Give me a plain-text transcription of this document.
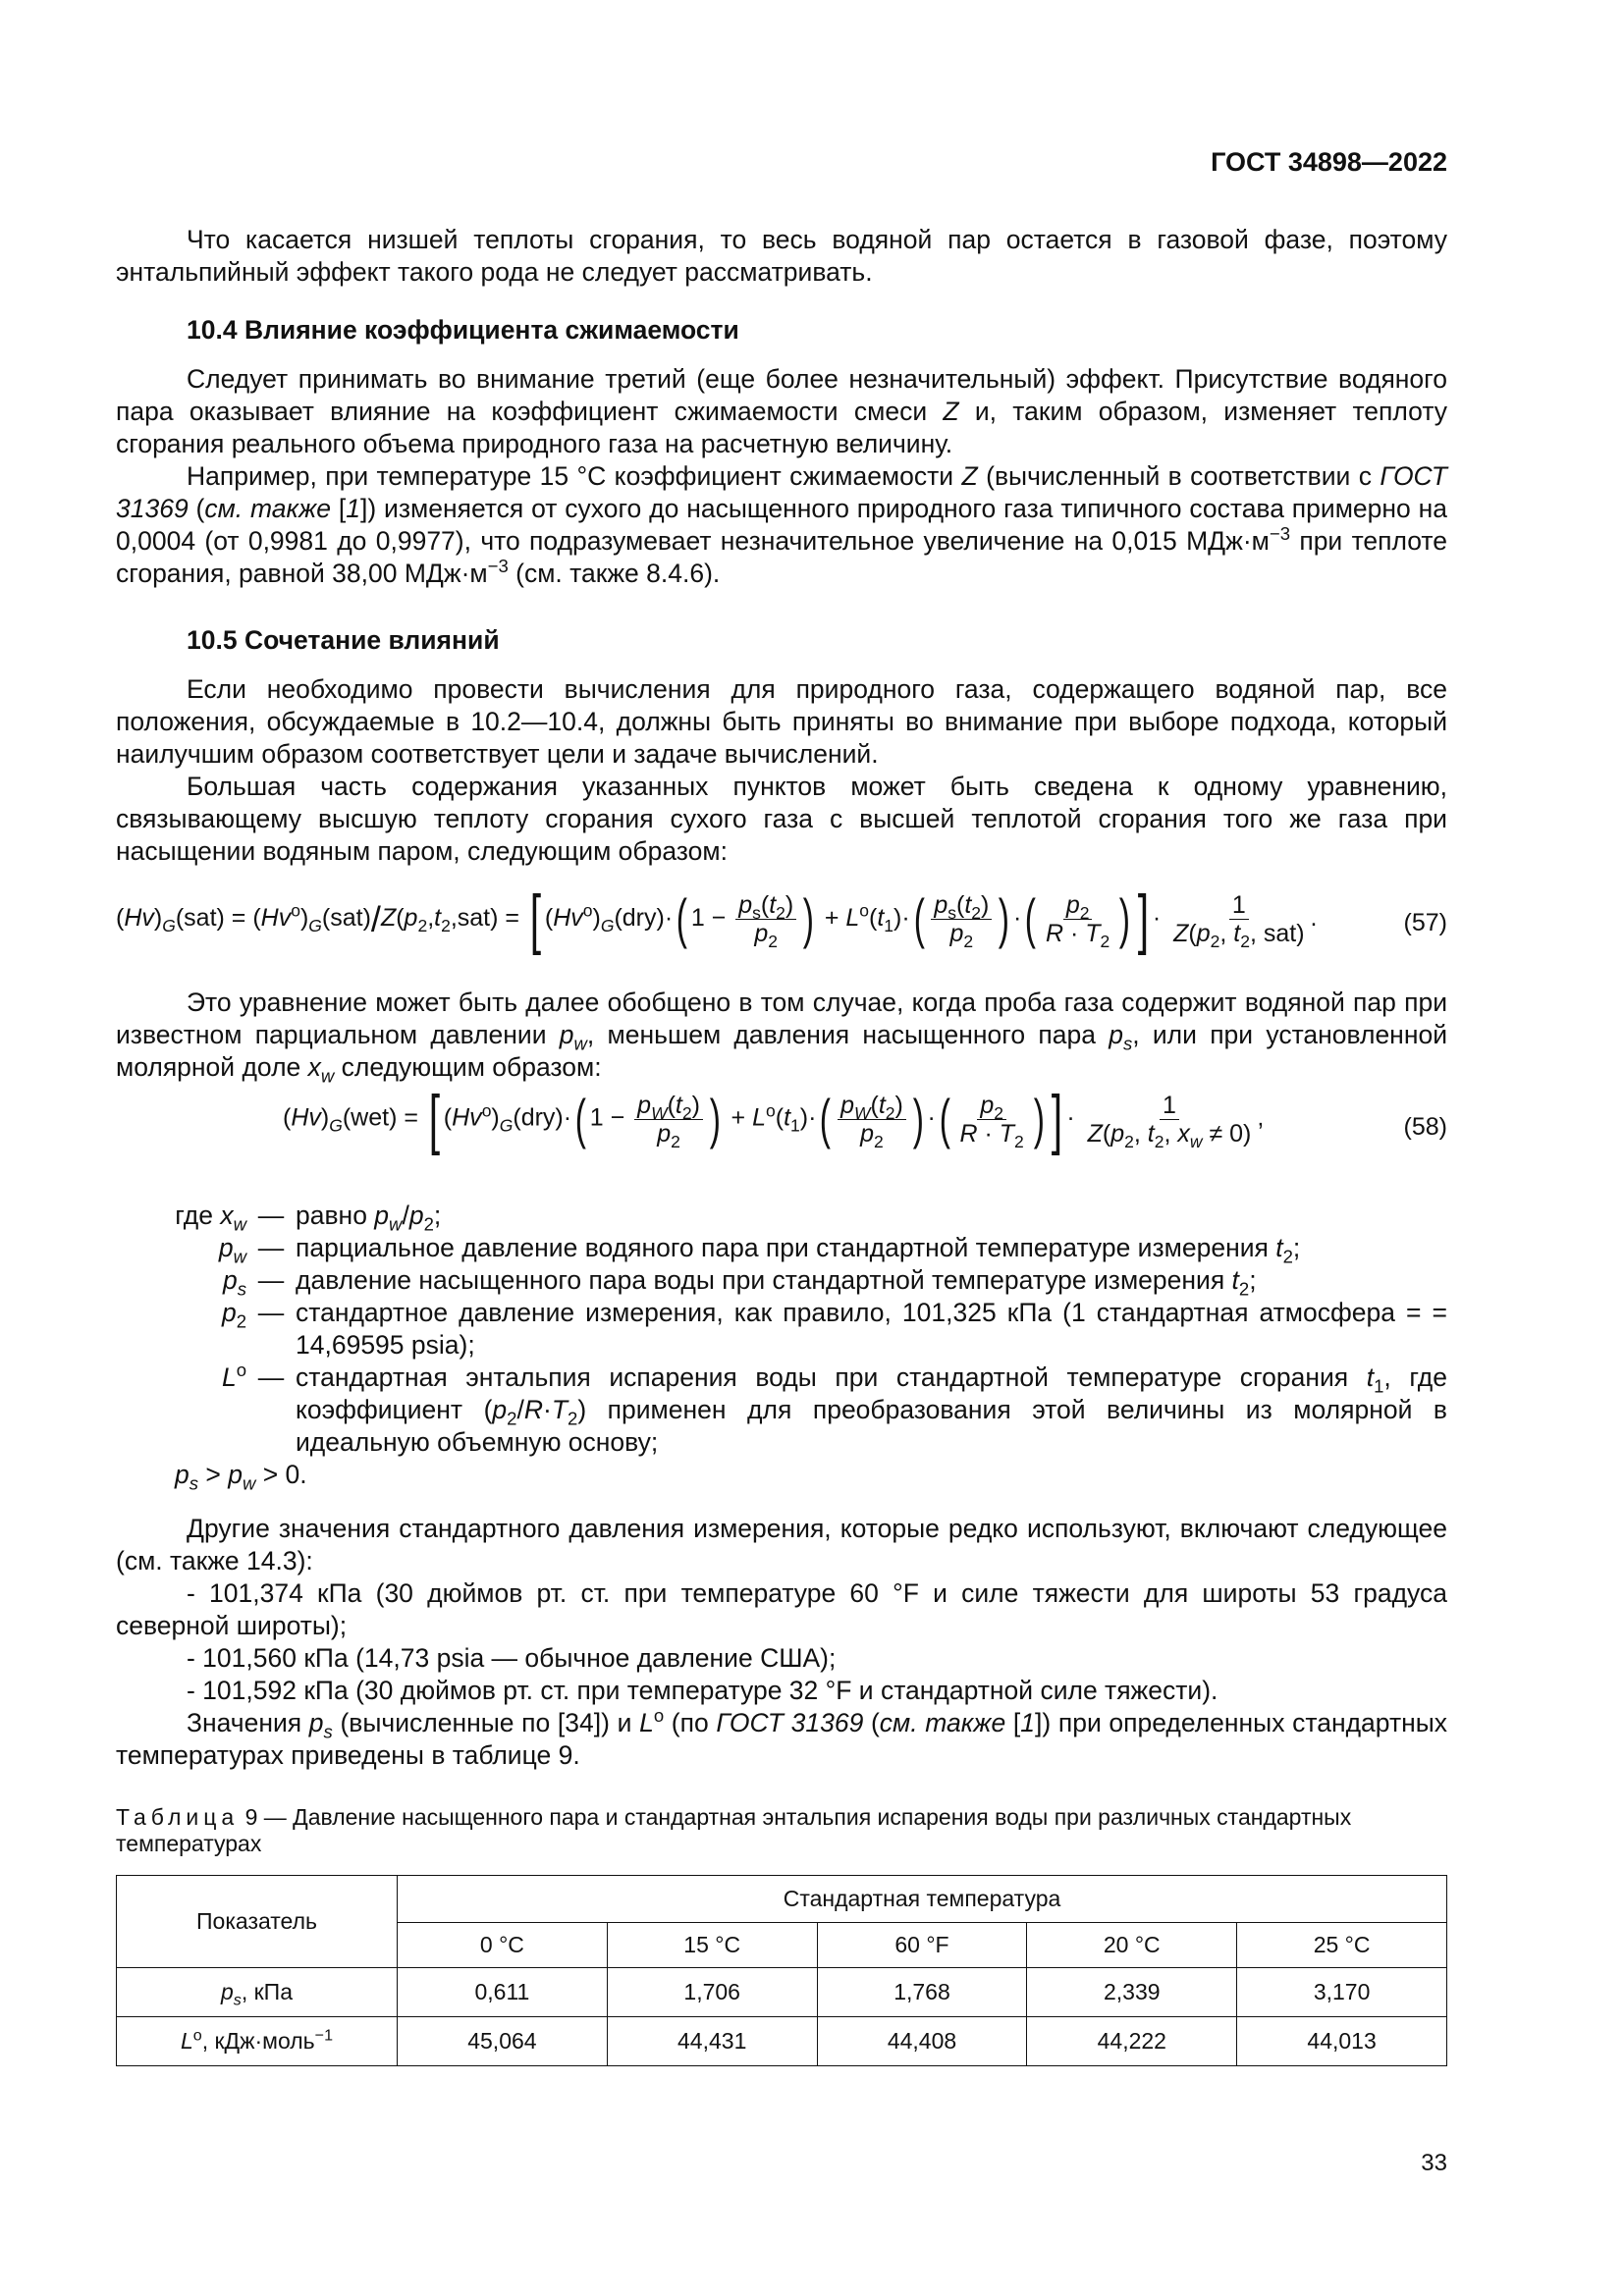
ГОСТ 34898—2022

Что касается низшей теплоты сгорания, то весь водяной пар остается в газовой фазе, поэтому энтальпийный эффект такого рода не следует рассматривать.

10.4 Влияние коэффициента сжимаемости

Следует принимать во внимание третий (еще более незначительный) эффект. Присутствие водяного пара оказывает влияние на коэффициент сжимаемости смеси Z и, таким образом, изменяет теплоту сгорания реального объема природного газа на расчетную величину.

Например, при температуре 15 °С коэффициент сжимаемости Z (вычисленный в соответствии с ГОСТ 31369 (см. также [1]) изменяется от сухого до насыщенного природного газа типичного состава примерно на 0,0004 (от 0,9981 до 0,9977), что подразумевает незначительное увеличение на 0,015 $МДж\cdot м^{-3}$ при теплоте сгорания, равной 38,00 $МДж\cdot м^{-3}$ (см. также 8.4.6).

10.5 Сочетание влияний

Если необходимо провести вычисления для природного газа, содержащего водяной пар, все положения, обсуждаемые в 10.2—10.4, должны быть приняты во внимание при выборе подхода, который наилучшим образом соответствует цели и задаче вычислений.

Большая часть содержания указанных пунктов может быть сведена к одному уравнению, связывающему высшую теплоту сгорания сухого газа с высшей теплотой сгорания того же газа при насыщении водяным паром, следующим образом:

$(Hv)_G(sat) = (Hv^o)_G(sat)/Z(p_2,t_2,sat)$ = [ $(Hv^o)_G(dry)\cdot$( $1 - \frac{p_s(t_2)}{p_2}$ ) + $L^o(t_1)\cdot( \frac{p_s(t_2)}{p_2}$ ) ·( $\frac{p_2}{R \cdot T_2}$ ) ] · $\frac{1}{Z(p_2, t_2, sat)}$ .	(57)

Это уравнение может быть далее обобщено в том случае, когда проба газа содержит водяной пар при известном парциальном давлении $p_w$, меньшем давления насыщенного пара $p_s$, или при установленной молярной доле $x_w$ следующим образом:

$(Hv)_G(wet)$ = [ $(Hv^o)_G(dry)\cdot$( $1 - \frac{p_W(t_2)}{p_2}$ ) + $L^o(t_1)\cdot( \frac{p_W(t_2)}{p_2}$ ) ·( $\frac{p_2}{R \cdot T_2}$ ) ] · $\frac{1}{Z(p_2, t_2, x_w \ne 0)}$ ,	(58)
где $x_w$ — равно $p_w/p_2$;
$p_w$ — парциальное давление водяного пара при стандартной температуре измерения $t_2$;
$p_s$ — давление насыщенного пара воды при стандартной температуре измерения $t_2$;
$p_2$ — стандартное давление измерения, как правило, 101,325 кПа (1 стандартная атмосфера = = 14,69595 psia);
$L^o$ — стандартная энтальпия испарения воды при стандартной температуре сгорания $t_1$, где коэффициент $(p_2/R\cdot T_2)$ применен для преобразования этой величины из молярной в идеальную объемную основу;
$p_s > p_w > 0$.

Другие значения стандартного давления измерения, которые редко используют, включают следующее (см. также 14.3):

- 101,374 кПа (30 дюймов рт. ст. при температуре 60 °F и силе тяжести для широты 53 градуса северной широты);

- 101,560 кПа (14,73 psia — обычное давление США);

- 101,592 кПа (30 дюймов рт. ст. при температуре 32 °F и стандартной силе тяжести).

Значения $p_s$ (вычисленные по [34]) и $L^o$ (по ГОСТ 31369 (см. также [1]) при определенных стандартных температурах приведены в таблице 9.

Таблица 9 — Давление насыщенного пара и стандартная энтальпия испарения воды при различных стандартных температурах
Показатель	Стандартная температура				
	0 °C	15 °C	60 °F	20 °C	25 °C
$p_s$, кПа	0,611	1,706	1,768	2,339	3,170
$L^o$, кДж·моль$^{-1}$	45,064	44,431	44,408	44,222	44,013
33
